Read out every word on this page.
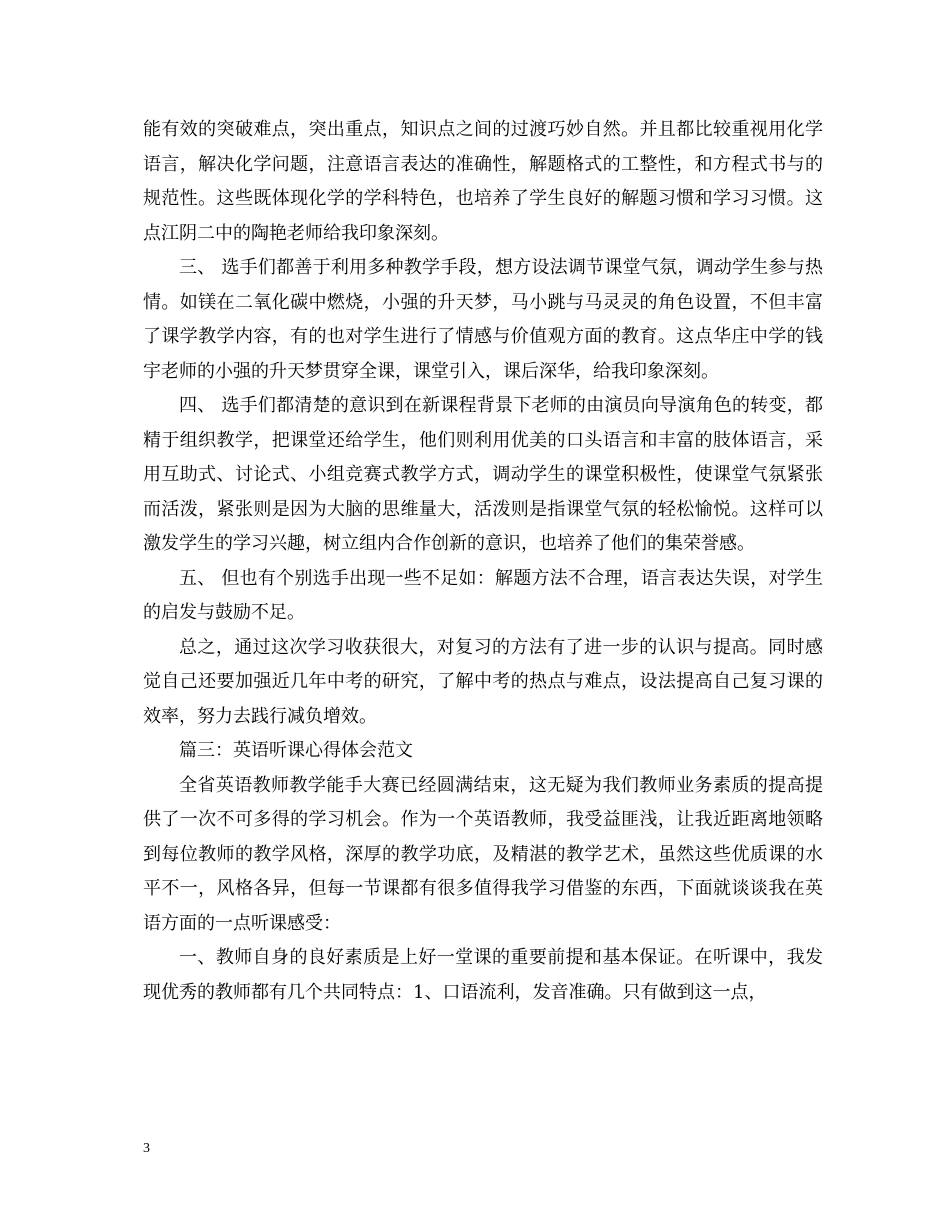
能有效的突破难点，突出重点，知识点之间的过渡巧妙自然。并且都比较重视用化学语言，解决化学问题，注意语言表达的准确性，解题格式的工整性，和方程式书与的规范性。这些既体现化学的学科特色，也培养了学生良好的解题习惯和学习习惯。这点江阴二中的陶艳老师给我印象深刻。

三、 选手们都善于利用多种教学手段，想方设法调节课堂气氛，调动学生参与热情。如镁在二氧化碳中燃烧，小强的升天梦，马小跳与马灵灵的角色设置，不但丰富了课学教学内容，有的也对学生进行了情感与价值观方面的教育。这点华庄中学的钱宇老师的小强的升天梦贯穿全课，课堂引入，课后深华，给我印象深刻。

四、 选手们都清楚的意识到在新课程背景下老师的由演员向导演角色的转变，都精于组织教学，把课堂还给学生，他们则利用优美的口头语言和丰富的肢体语言，采用互助式、讨论式、小组竞赛式教学方式，调动学生的课堂积极性，使课堂气氛紧张而活泼，紧张则是因为大脑的思维量大，活泼则是指课堂气氛的轻松愉悦。这样可以激发学生的学习兴趣，树立组内合作创新的意识，也培养了他们的集荣誉感。

五、 但也有个别选手出现一些不足如：解题方法不合理，语言表达失误，对学生的启发与鼓励不足。

总之，通过这次学习收获很大，对复习的方法有了进一步的认识与提高。同时感觉自己还要加强近几年中考的研究，了解中考的热点与难点，设法提高自己复习课的效率，努力去践行减负增效。

篇三：英语听课心得体会范文

全省英语教师教学能手大赛已经圆满结束，这无疑为我们教师业务素质的提高提供了一次不可多得的学习机会。作为一个英语教师，我受益匪浅，让我近距离地领略到每位教师的教学风格，深厚的教学功底，及精湛的教学艺术，虽然这些优质课的水平不一，风格各异，但每一节课都有很多值得我学习借鉴的东西，下面就谈谈我在英语方面的一点听课感受：

一、教师自身的良好素质是上好一堂课的重要前提和基本保证。在听课中，我发现优秀的教师都有几个共同特点：1、口语流利，发音准确。只有做到这一点，

3
